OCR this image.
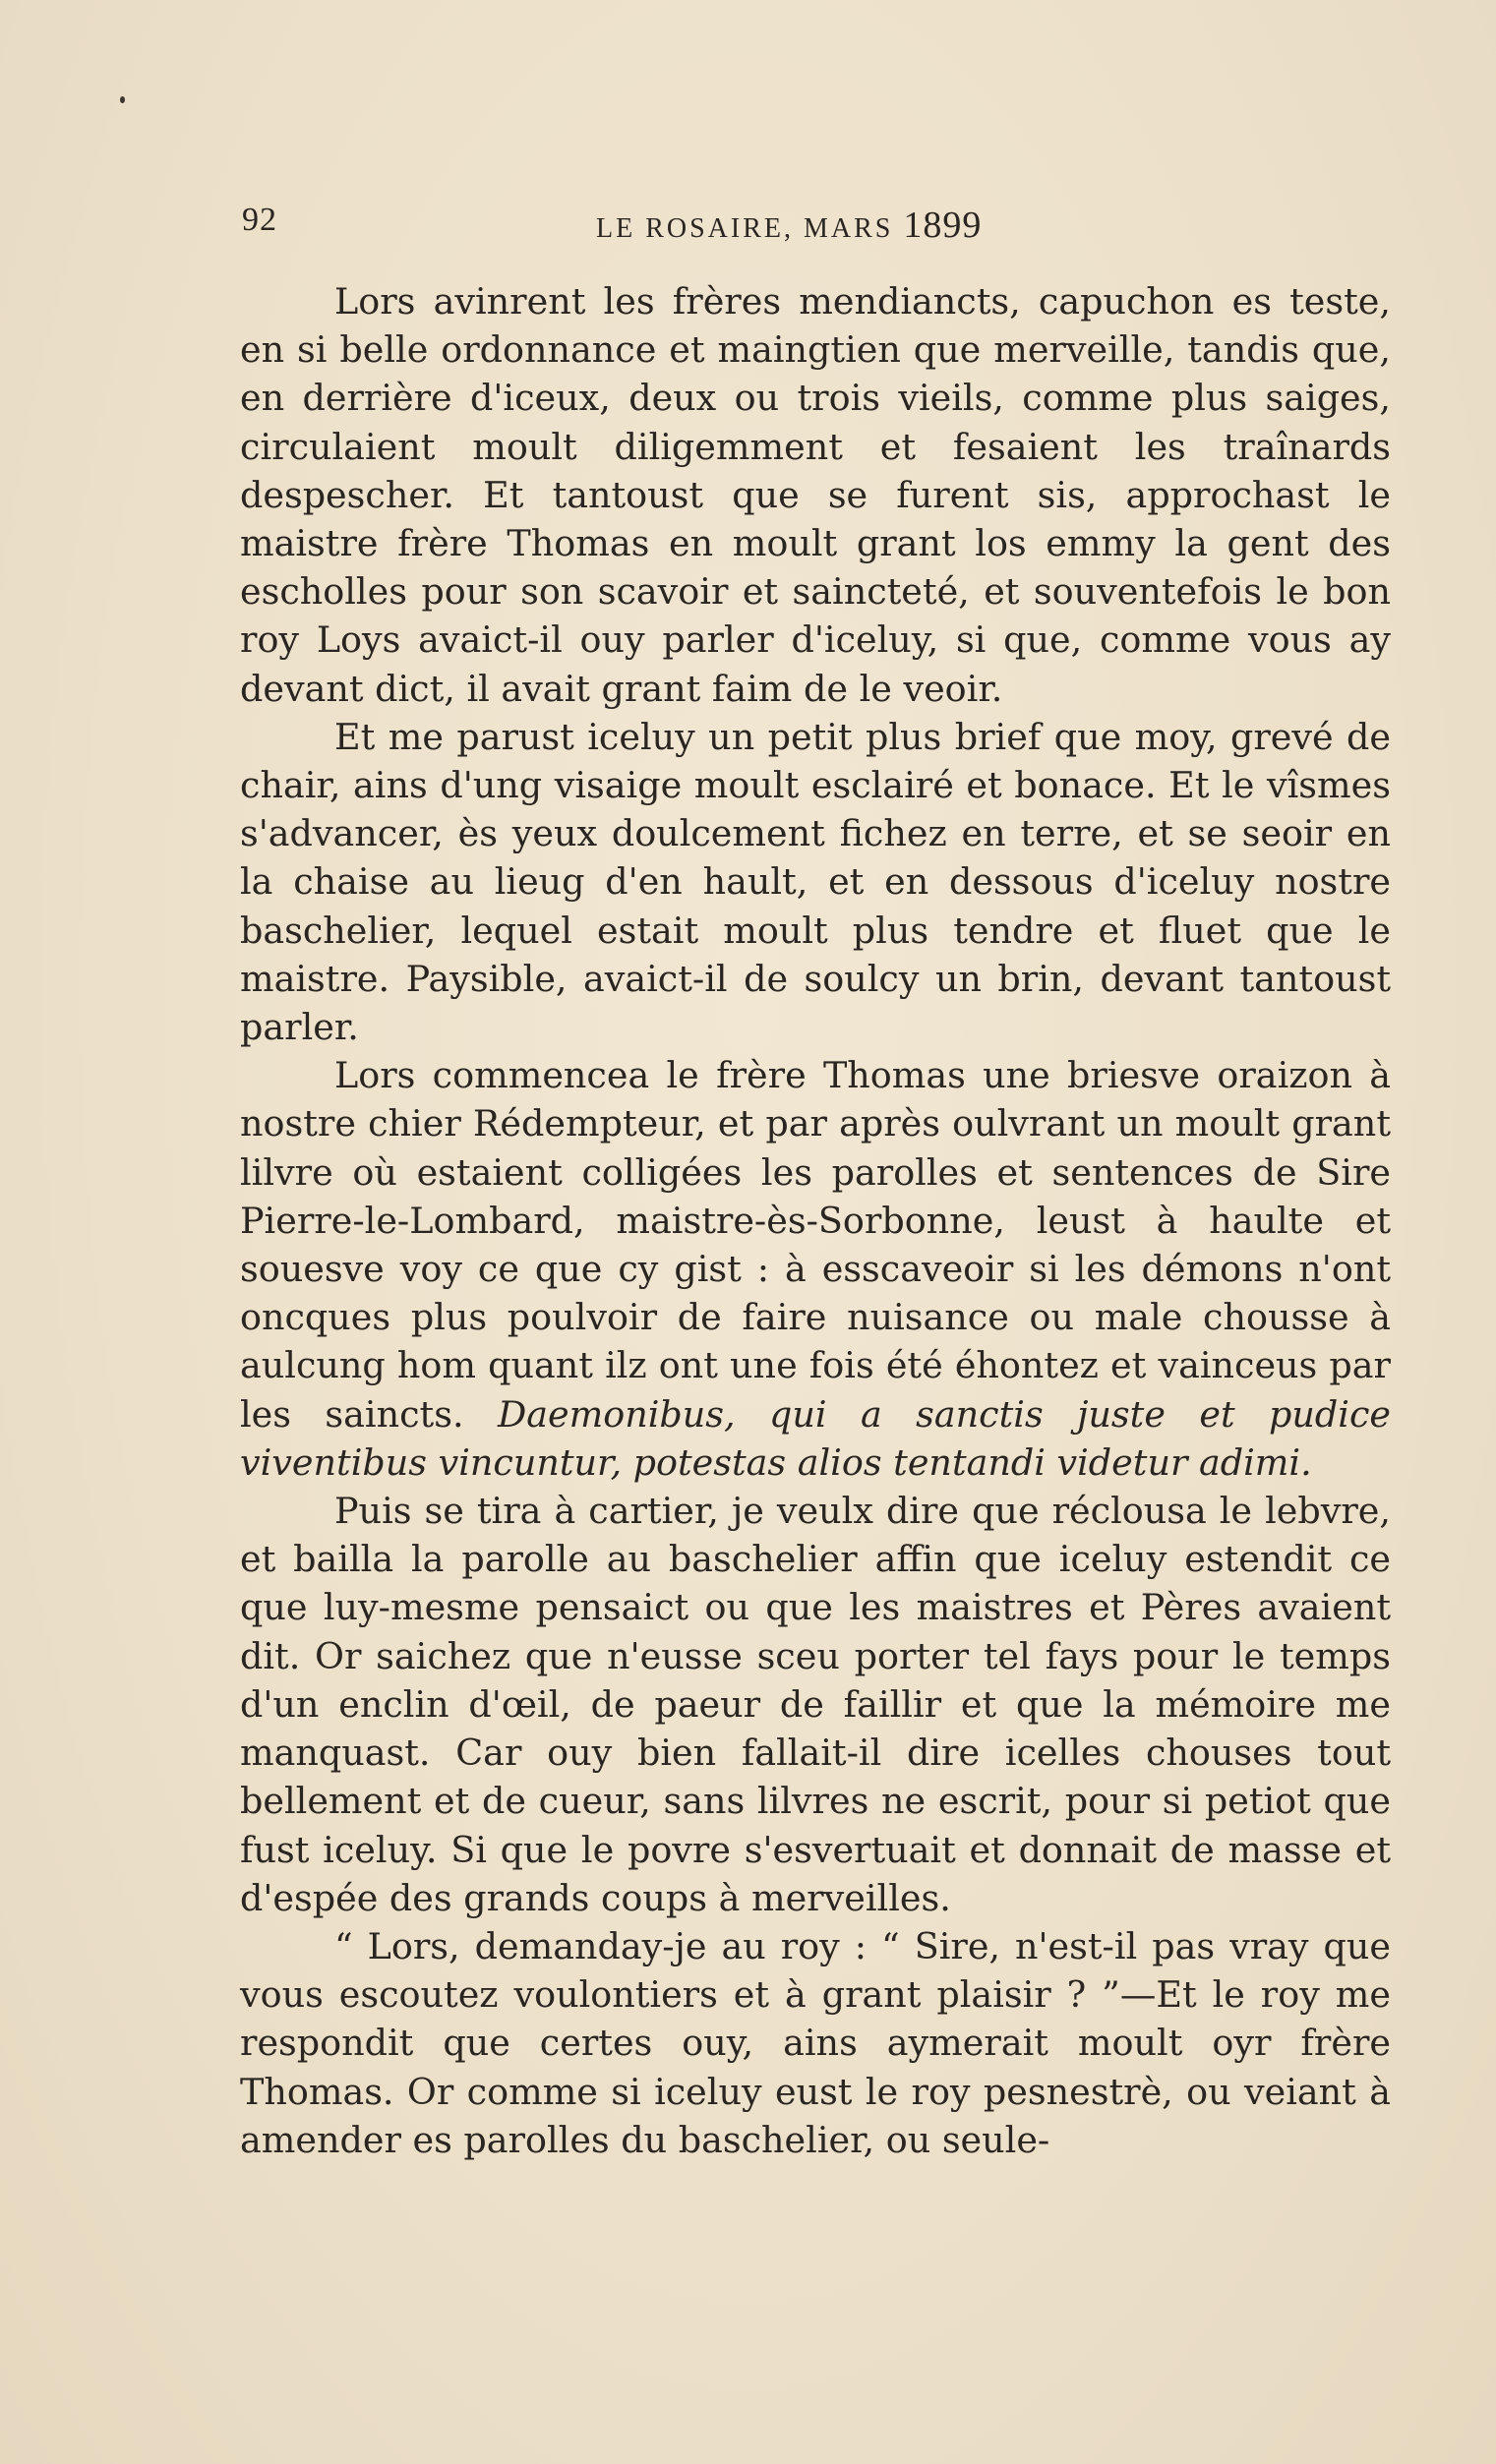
92	LE ROSAIRE, MARS 1899

Lors avinrent les frères mendiancts, capuchon es teste, en si belle ordonnance et maingtien que merveille, tandis que, en derrière d'iceux, deux ou trois vieils, comme plus saiges, circulaient moult diligemment et fesaient les traînards despescher. Et tantoust que se furent sis, approchast le maistre frère Thomas en moult grant los emmy la gent des escholles pour son scavoir et saincteté, et souventefois le bon roy Loys avaict-il ouy parler d'iceluy, si que, comme vous ay devant dict, il avait grant faim de le veoir.

Et me parust iceluy un petit plus brief que moy, grevé de chair, ains d'ung visaige moult esclairé et bonace. Et le vîsmes s'advancer, ès yeux doulcement fichez en terre, et se seoir en la chaise au lieug d'en hault, et en dessous d'iceluy nostre baschelier, lequel estait moult plus tendre et fluet que le maistre. Paysible, avaict-il de soulcy un brin, devant tantoust parler.

Lors commencea le frère Thomas une briesve oraizon à nostre chier Rédempteur, et par après oulvrant un moult grant lilvre où estaient colligées les parolles et sentences de Sire Pierre-le-Lombard, maistre-ès-Sorbonne, leust à haulte et souesve voy ce que cy gist : à esscaveoir si les démons n'ont oncques plus poulvoir de faire nuisance ou male chousse à aulcung hom quant ilz ont une fois été éhontez et vainceus par les saincts. Daemonibus, qui a sanctis juste et pudice viventibus vincuntur, potestas alios tentandi videtur adimi.

Puis se tira à cartier, je veulx dire que réclousa le lebvre, et bailla la parolle au baschelier affin que iceluy estendit ce que luy-mesme pensaict ou que les maistres et Pères avaient dit. Or saichez que n'eusse sceu porter tel fays pour le temps d'un enclin d'œil, de paeur de faillir et que la mémoire me manquast. Car ouy bien fallait-il dire icelles chouses tout bellement et de cueur, sans lilvres ne escrit, pour si petiot que fust iceluy. Si que le povre s'esvertuait et donnait de masse et d'espée des grands coups à merveilles.

“ Lors, demanday-je au roy : “ Sire, n'est-il pas vray que vous escoutez voulontiers et à grant plaisir ? ”—Et le roy me respondit que certes ouy, ains aymerait moult oyr frère Thomas. Or comme si iceluy eust le roy pesnestrè, ou veiant à amender es parolles du baschelier, ou seule-
